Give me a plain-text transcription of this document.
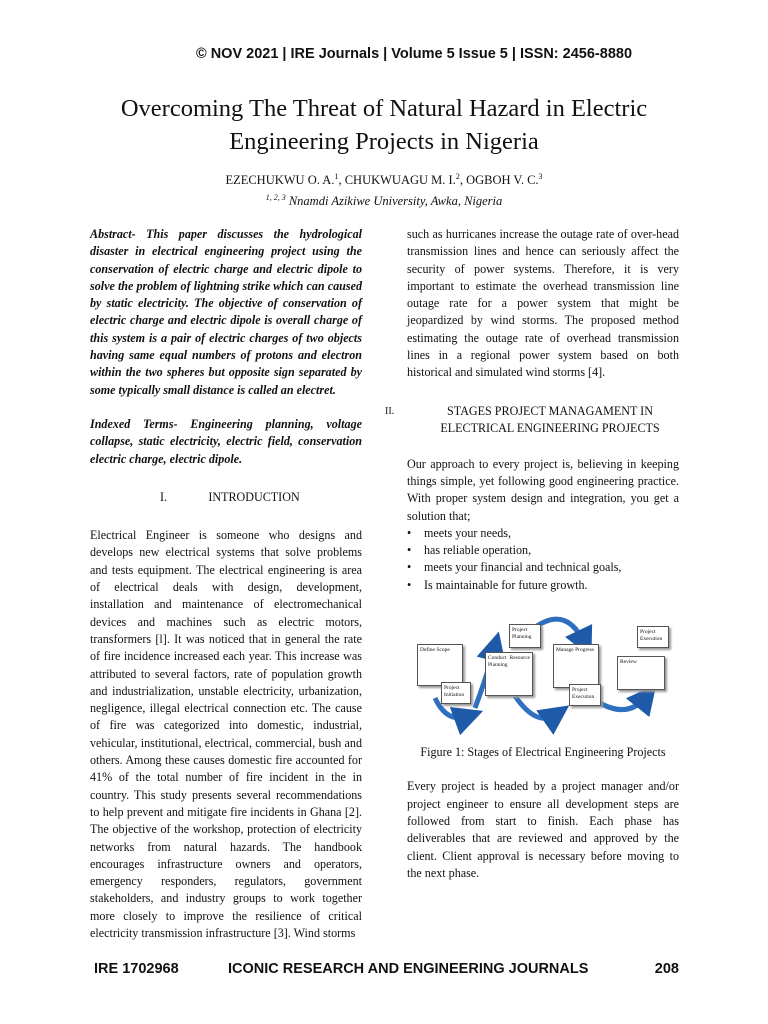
© NOV 2021 | IRE Journals | Volume 5 Issue 5 | ISSN: 2456-8880
Overcoming The Threat of Natural Hazard in Electric Engineering Projects in Nigeria
EZECHUKWU O. A.$^1$, CHUKWUAGU M. I.$^2$, OGBOH V. C.$^3$
$^{1, 2, 3}$ Nnamdi Azikiwe University, Awka, Nigeria

Abstract- This paper discusses the hydrological disaster in electrical engineering project using the conservation of electric charge and electric dipole to solve the problem of lightning strike which can caused by static electricity. The objective of conservation of electric charge and electric dipole is overall charge of this system is a pair of electric charges of two objects having same equal numbers of protons and electron within the two spheres but opposite sign separated by some typically small distance is called an electret.

Indexed Terms- Engineering planning, voltage collapse, static electricity, electric field, conservation electric charge, electric dipole.

I.	INTRODUCTION

Electrical Engineer is someone who designs and develops new electrical systems that solve problems and tests equipment. The electrical engineering is area of electrical deals with design, development, installation and maintenance of electromechanical devices and machines such as electric motors, transformers [l]. It was noticed that in general the rate of fire incidence increased each year. This increase was attributed to several factors, rate of population growth and industrialization, unstable electricity, urbanization, negligence, illegal electrical connection etc. The cause of fire was categorized into domestic, industrial, vehicular, institutional, electrical, commercial, bush and others. Among these causes domestic fire accounted for 41% of the total number of fire incident in the in country. This study presents several recommendations to help prevent and mitigate fire incidents in Ghana [2]. The objective of the workshop, protection of electricity networks from natural hazards. The handbook encourages infrastructure owners and operators, emergency responders, regulators, government stakeholders, and industry groups to work together more closely to improve the resilience of critical electricity transmission infrastructure [3]. Wind storms

such as hurricanes increase the outage rate of over-head transmission lines and hence can seriously affect the security of power systems. Therefore, it is very important to estimate the overhead transmission line outage rate for a power system that might be jeopardized by wind storms. The proposed method estimating the outage rate of overhead transmission lines in a regional power system based on both historical and simulated wind storms [4].

II.	STAGES PROJECT MANAGAMENT IN
ELECTRICAL ENGINEERING PROJECTS

Our approach to every project is, believing in keeping things simple, yet following good engineering practice. With proper system design and integration, you get a solution that;

• meets your needs,
• has reliable operation,
• meets your financial and technical goals,
• Is maintainable for future growth.
Define Scope
Project Initiation
Conduct Resource Planning
Project Planning
Manage Progress
Project Execution
Review
Project Execution

Figure 1: Stages of Electrical Engineering Projects

Every project is headed by a project manager and/or project engineer to ensure all development steps are followed from start to finish. Each phase has deliverables that are reviewed and approved by the client. Client approval is necessary before moving to the next phase.

IRE 1702968	ICONIC RESEARCH AND ENGINEERING JOURNALS	208
